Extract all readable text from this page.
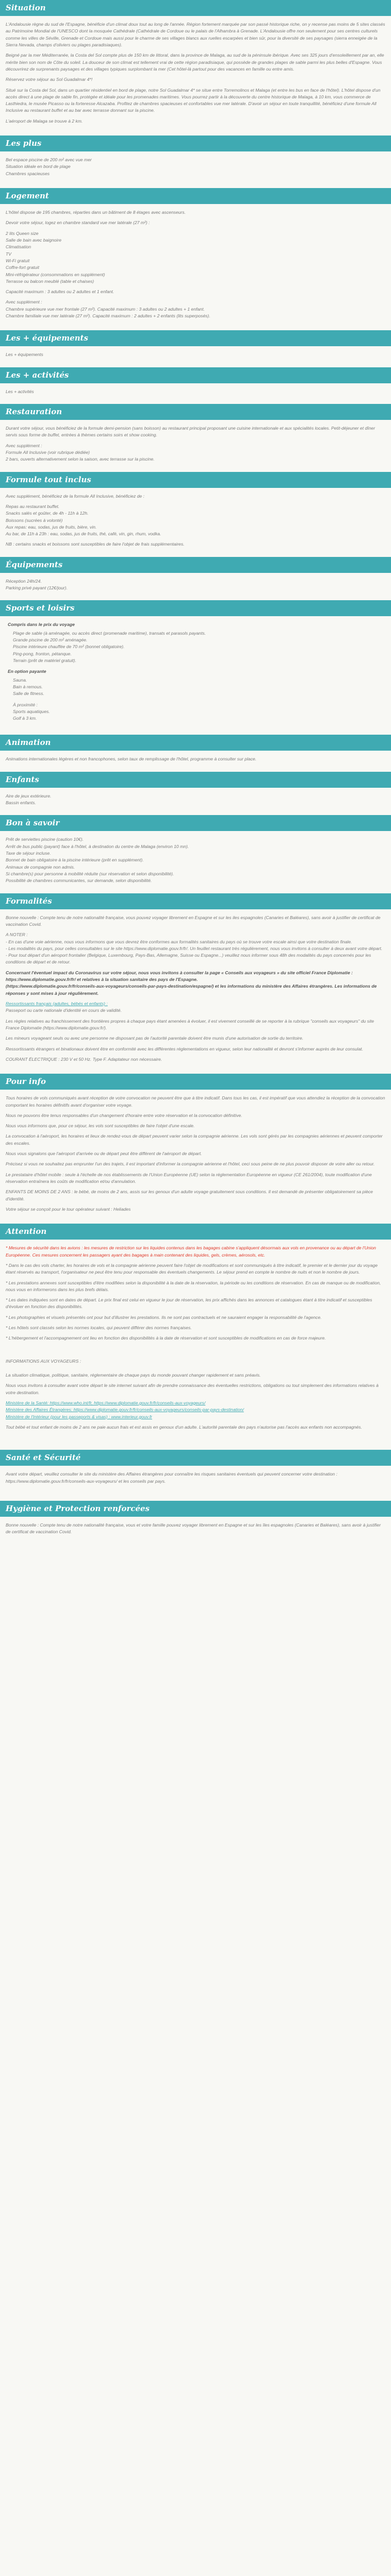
Situation

L'Andalousie règne du sud de l'Espagne, bénéficie d'un climat doux tout au long de l'année. Région fortement marquée par son passé historique riche, on y recense pas moins de 5 sites classés au Patrimoine Mondial de l'UNESCO dont la mosquée Cathédrale (Cathédrale de Cordoue ou le palais de l'Alhambra à Grenade. L'Andalousie offre non seulement pour ses centres culturels comme les villes de Séville, Grenade et Cordoue mais aussi pour le charme de ses villages blancs aux ruelles escarpées et bien sûr, pour la diversité de ses paysages (sierra enneigée de la Sierra Nevada, champs d'oliviers ou plages paradisiaques).

Beigné par la mer Méditerranée, la Costa del Sol compte plus de 150 km de littoral, dans la province de Malaga, au sud de la péninsule ibérique. Avec ses 325 jours d'ensoleillement par an, elle mérite bien son nom de Côte du soleil. La douceur de son climat est tellement vrai de cette région paradisiaque, qui possède de grandes plages de sable parmi les plus belles d'Espagne. Vous découvrirez de surprenants paysages et des villages typiques surplombant la mer (Cet hôtel-là partout pour des vacances en famille ou entre amis.

Réservez votre séjour au Sol Guadalmar 4*!

Situé sur la Costa del Sol, dans un quartier résidentiel en bord de plage, notre Sol Guadalmar 4* se situe entre Torremolinos et Malaga (et entre les bus en face de l'hôtel). L'hôtel dispose d'un accès direct à une plage de sable fin, protégée et idéale pour les promenades maritimes. Vous pourrez partir à la découverte du centre historique de Malaga, à 10 km, vous commerce de Lasthiedra, le musée Picasso ou la forteresse Alcazaba. Profitez de chambres spacieuses et confortables vue mer latérale. D'avoir un séjour en toute tranquillité, bénéficiez d'une formule All Inclusive au restaurant buffet et au bar avec terrasse donnant sur la piscine.

L'aéroport de Malaga se trouve à 2 km.

Les plus

Bel espace piscine de 200 m² avec vue mer

Situation idéale en bord de plage

Chambres spacieuses

Logement

L'hôtel dispose de 195 chambres, réparties dans un bâtiment de 8 étages avec ascenseurs.

Devoir votre séjour, logez en chambre standard vue mer latérale (27 m²) :

2 lits Queen size

Salle de bain avec baignoire

Climatisation

TV

Wi-Fi gratuit

Coffre-fort gratuit

Mini-réfrigérateur (consommations en supplément)

Terrasse ou balcon meublé (table et chaises)

Capacité maximum : 3 adultes ou 2 adultes et 1 enfant.

Avec supplément :

Chambre supérieure vue mer frontale (27 m²). Capacité maximum : 3 adultes ou 2 adultes + 1 enfant.

Chambre familiale vue mer latérale (27 m²). Capacité maximum : 2 adultes + 2 enfants (lits superposés).

Les + équipements

Les + équipements

Les + activités

Les + activités

Restauration

Durant votre séjour, vous bénéficiez de la formule demi-pension (sans boisson) au restaurant principal proposant une cuisine internationale et aux spécialités locales. Petit-déjeuner et dîner servis sous forme de buffet, entrées à thèmes certains soirs et show cooking.

Avec supplément :

Formule All Inclusive (voir rubrique dédiée)

2 bars, ouverts alternativement selon la saison, avec terrasse sur la piscine.

Formule tout inclus

Avec supplément, bénéficiez de la formule All Inclusive, bénéficiez de :

Repas au restaurant buffet.

Snacks salés et goûter, de 4h - 11h à 12h.

Boissons (sucrées à volonté)

Aux repas: eau, sodas, jus de fruits, bière, vin.

Au bar, de 11h à 23h : eau, sodas, jus de fruits, thé, café, vin, gin, rhum, vodka.

NB : certains snacks et boissons sont susceptibles de faire l'objet de frais supplémentaires.

Équipements

Réception 24h/24.

Parking privé payant (12€/jour).

Sports et loisirs

Compris dans le prix du voyage

Plage de sable (à aménagée, ou accès direct (promenade maritime), transats et parasols payants.

Grande piscine de 200 m² aménagée.

Piscine intérieure chauffée de 70 m² (bonnet obligatoire).

Ping-pong, fronton, pétanque.

Terrain (prêt de matériel gratuit).

En option payante

Sauna.

Bain à remous.

Salle de fitness.

À proximité :

Sports aquatiques.

Golf à 3 km.

Animation

Animations internationales légères et non francophones, selon taux de remplissage de l'hôtel, programme à consulter sur place.

Enfants

Aire de jeux extérieure.

Bassin enfants.

Bon à savoir

Prêt de serviettes piscine (caution 10€).

Arrêt de bus public (payant) face à l'hôtel, à destination du centre de Malaga (environ 10 mn).

Taxe de séjour incluse.

Bonnet de bain obligatoire à la piscine intérieure (prêt en supplément).

Animaux de compagnie non admis.

Si chambre(s) pour personne à mobilité réduite (sur réservation et selon disponibilité).

Possibilité de chambres communicantes, sur demande, selon disponibilité.

Formalités

Bonne nouvelle : Compte tenu de notre nationalité française, vous pouvez voyager librement en Espagne et sur les iles espagnoles (Canaries et Baléares), sans avoir à justifier de certificat de vaccination Covid.

A NOTER :

- En cas d'une voie aérienne, nous vous informons que vous devrez être conformes aux formalités sanitaires du pays où se trouve votre escale ainsi que votre destination finale.

- Les modalités du pays, pour celles consultables sur le site https://www.diplomatie.gouv.fr/fr/. Un feuillet restaurant très régulièrement, nous vous invitons à consulter à deux avant votre départ.

- Pour tout départ d'un aéroport frontalier (Belgique, Luxembourg, Pays-Bas, Allemagne, Suisse ou Espagne...) veuillez nous informer sous 48h des modalités du pays concernés pour les conditions de départ et de retour.

Concernant l'éventuel impact du Coronavirus sur votre séjour, nous vous invitons à consulter la page « Conseils aux voyageurs » du site officiel France Diplomatie : https://www.diplomatie.gouv.fr/fr/ et relatives à la situation sanitaire des pays de l'Espagne.

(https://www.diplomatie.gouv.fr/fr/conseils-aux-voyageurs/conseils-par-pays-destination/espagne/) et les informations du ministère des Affaires étrangères. Les informations de réponses y sont mises à jour régulièrement.

Ressortissants français (adultes, bébés et enfants) :

Passeport ou carte nationale d'identité en cours de validité.

Les règles relatives au franchissement des frontières propres à chaque pays étant amenées à évoluer, il est vivement conseillé de se reporter à la rubrique "conseils aux voyageurs" du site France Diplomatie (https://www.diplomatie.gouv.fr/).

Les mineurs voyageant seuls ou avec une personne ne disposant pas de l'autorité parentale doivent être munis d'une autorisation de sortie du territoire.

Ressortissants étrangers et binationaux doivent être en conformité avec les différentes réglementations en vigueur, selon leur nationalité et devront s'informer auprès de leur consulat.

COURANT ÉLECTRIQUE : 230 V et 50 Hz. Type F. Adaptateur non nécessaire.

Pour info

Tous horaires de vols communiqués avant réception de votre convocation ne peuvent être que à titre indicatif. Dans tous les cas, il est impératif que vous attendiez la réception de la convocation comportant les horaires définitifs avant d'organiser votre voyage.

Nous ne pouvons être tenus responsables d'un changement d'horaire entre votre réservation et la convocation définitive.

Nous vous informons que, pour ce séjour, les vols sont susceptibles de faire l'objet d'une escale.

La convocation à l'aéroport, les horaires et lieux de rendez-vous de départ peuvent varier selon la compagnie aérienne. Les vols sont gérés par les compagnies aériennes et peuvent comporter des escales.

Nous vous signalons que l'aéroport d'arrivée ou de départ peut être différent de l'aéroport de départ.

Précisez si vous ne souhaitez pas emprunter l'un des trajets, il est important d'informer la compagnie aérienne et l'hôtel, ceci sous peine de ne plus pouvoir disposer de votre aller ou retour.

Le prestataire d'hôtel mobile : seule à l'échelle de nos établissements de l'Union Européenne (UE) selon la réglementation Européenne en vigueur (CE 261/2004), toute modification d'une réservation entraînera les coûts de modification et/ou d'annulation.

ENFANTS DE MOINS DE 2 ANS : le bébé, de moins de 2 ans, assis sur les genoux d'un adulte voyage gratuitement sous conditions. Il est demandé de présenter obligatoirement sa pièce d'identité.

Votre séjour se conçoit pour le tour opérateur suivant : Heliades

Attention

* Mesures de sécurité dans les avions : les mesures de restriction sur les liquides contenus dans les bagages cabine s'appliquent désormais aux vols en provenance ou au départ de l'Union Européenne. Ces mesures concernent les passagers ayant des bagages à main contenant des liquides, gels, crèmes, aérosols, etc.

* Dans le cas des vols charter, les horaires de vols et la compagnie aérienne peuvent faire l'objet de modifications et sont communiqués à titre indicatif, le premier et le dernier jour du voyage étant réservés au transport, l'organisateur ne peut être tenu pour responsable des éventuels changements. Le séjour prend en compte le nombre de nuits et non le nombre de jours.

* Les prestations annexes sont susceptibles d'être modifiées selon la disponibilité à la date de la réservation, la période ou les conditions de réservation. En cas de manque ou de modification, nous vous en informerons dans les plus brefs délais.

* Les dates indiquées sont en dates de départ. Le prix final est celui en vigueur le jour de réservation, les prix affichés dans les annonces et catalogues étant à titre indicatif et susceptibles d'évoluer en fonction des disponibilités.

* Les photographies et visuels présentés ont pour but d'illustrer les prestations. Ils ne sont pas contractuels et ne sauraient engager la responsabilité de l'agence.

* Les hôtels sont classés selon les normes locales, qui peuvent différer des normes françaises.

* L'hébergement et l'accompagnement ont lieu en fonction des disponibilités à la date de réservation et sont susceptibles de modifications en cas de force majeure.

INFORMATIONS AUX VOYAGEURS :

La situation climatique, politique, sanitaire, réglementaire de chaque pays du monde pouvant changer rapidement et sans préavis.

Nous vous invitons à consulter avant votre départ le site internet suivant afin de prendre connaissance des éventuelles restrictions, obligations ou tout simplement des informations relatives à votre destination.

Ministère de la Santé: https://www.who.int/fr, https://www.diplomatie.gouv.fr/fr/conseils-aux-voyageurs/

Ministère des Affaires Étrangères: https://www.diplomatie.gouv.fr/fr/conseils-aux-voyageurs/conseils-par-pays-destination/

Ministère de l'Intérieur (pour les passeports & visas) : www.interieur.gouv.fr

Tout bébé et tout enfant de moins de 2 ans ne paie aucun frais et est assis en genoux d'un adulte. L'autorité parentale des pays n'autorise pas l'accès aux enfants non accompagnés.

Santé et Sécurité

Avant votre départ, veuillez consulter le site du ministère des Affaires étrangères pour connaître les risques sanitaires éventuels qui peuvent concerner votre destination : https://www.diplomatie.gouv.fr/fr/conseils-aux-voyageurs/ et les conseils par pays.

Hygiène et Protection renforcées

Bonne nouvelle : Compte tenu de notre nationalité française, vous et votre famille pouvez voyager librement en Espagne et sur les îles espagnoles (Canaries et Baléares), sans avoir à justifier de certificat de vaccination Covid.
